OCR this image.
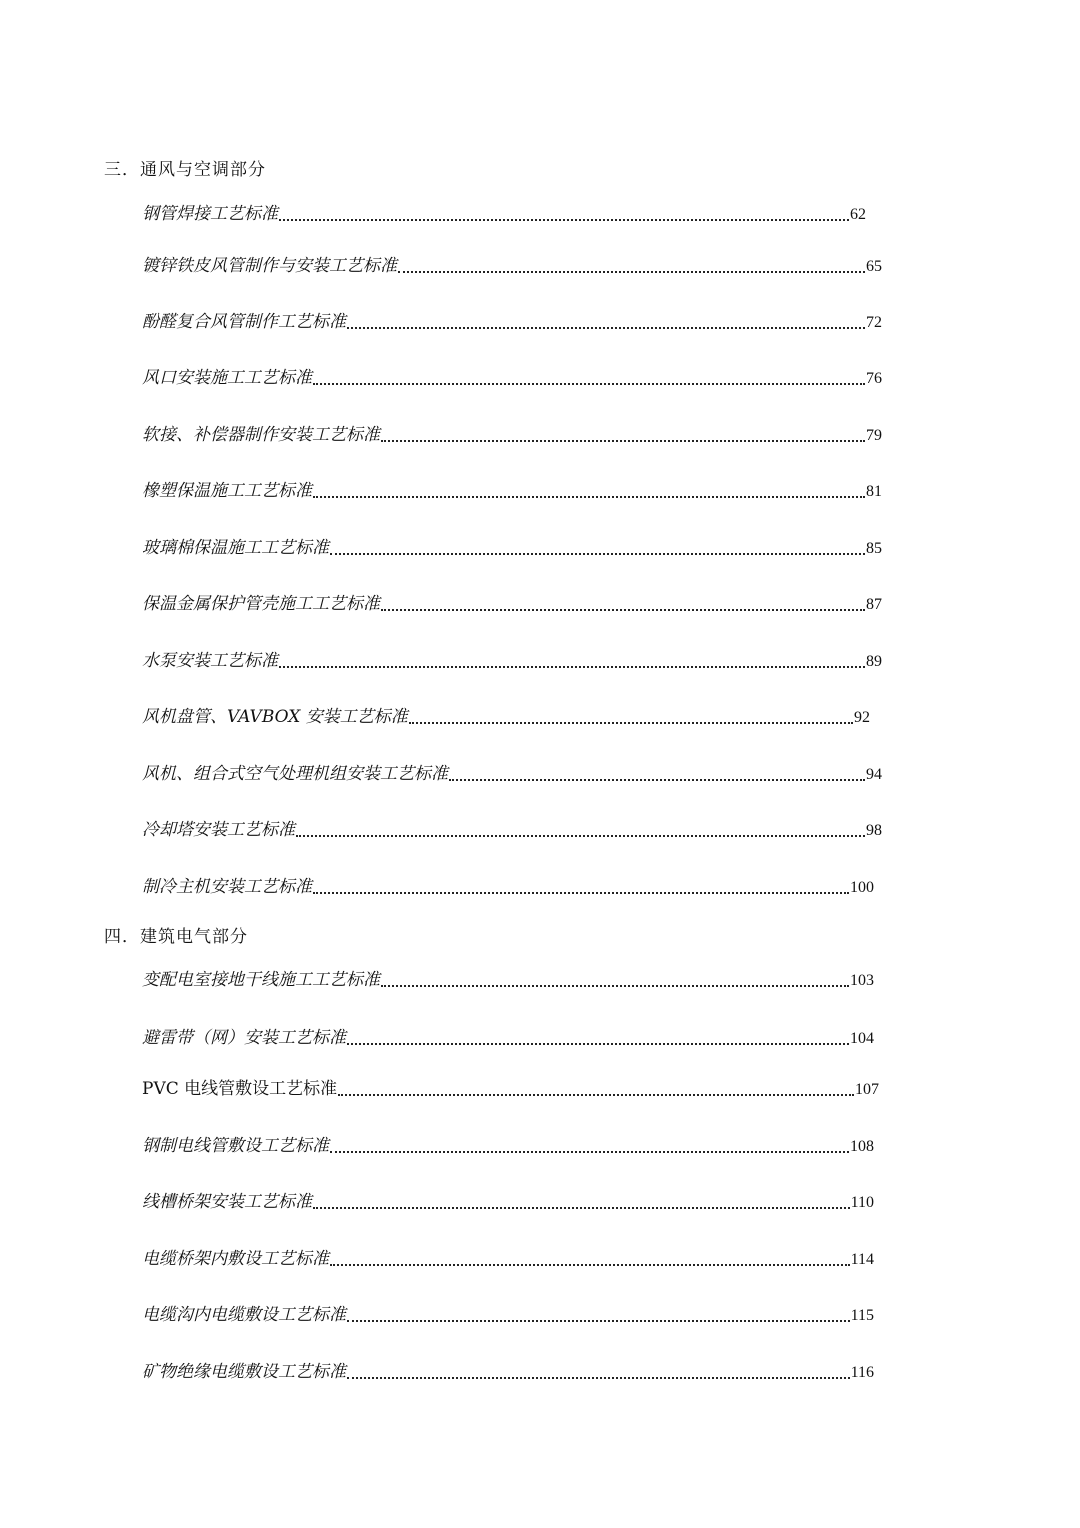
三．通风与空调部分
钢管焊接工艺标准	62
镀锌铁皮风管制作与安装工艺标准	65
酚醛复合风管制作工艺标准	72
风口安装施工工艺标准	76
软接、补偿器制作安装工艺标准	79
橡塑保温施工工艺标准	81
玻璃棉保温施工工艺标准	85
保温金属保护管壳施工工艺标准	87
水泵安装工艺标准	89
风机盘管、VAVBOX 安装工艺标准	92
风机、组合式空气处理机组安装工艺标准	94
冷却塔安装工艺标准	98
制冷主机安装工艺标准	100
四．建筑电气部分
变配电室接地干线施工工艺标准	103
避雷带（网）安装工艺标准	104
PVC 电线管敷设工艺标准	107
钢制电线管敷设工艺标准	108
线槽桥架安装工艺标准	110
电缆桥架内敷设工艺标准	114
电缆沟内电缆敷设工艺标准	115
矿物绝缘电缆敷设工艺标准	116
